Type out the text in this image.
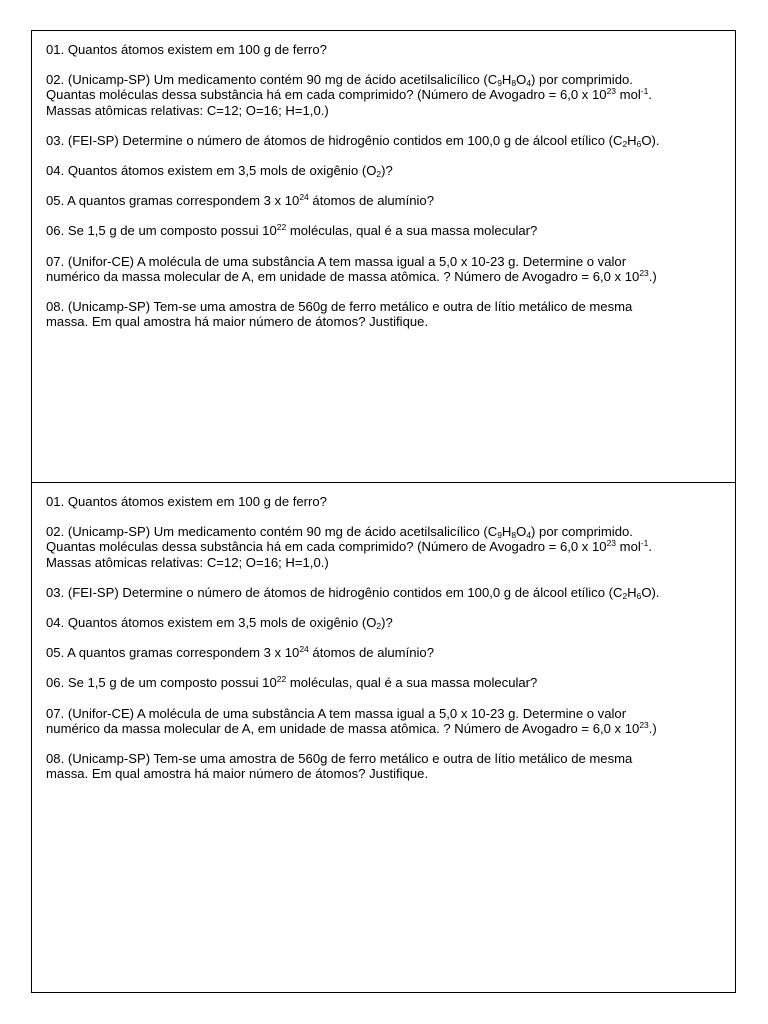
01. Quantos átomos existem em 100 g de ferro?

02. (Unicamp-SP) Um medicamento contém 90 mg de ácido acetilsalicílico $(C_9H_8O_4)$ por comprimido.
Quantas moléculas dessa substância há em cada comprimido? (Número de Avogadro = 6,0 x $10^{23}$ mol$^{-1}$.
Massas atômicas relativas: C=12; O=16; H=1,0.)

03. (FEI-SP) Determine o número de átomos de hidrogênio contidos em 100,0 g de álcool etílico $(C_2H_6O)$.

04. Quantos átomos existem em 3,5 mols de oxigênio $(O_2)$?

05. A quantos gramas correspondem 3 x $10^{24}$ átomos de alumínio?

06. Se 1,5 g de um composto possui $10^{22}$ moléculas, qual é a sua massa molecular?

07. (Unifor-CE) A molécula de uma substância A tem massa igual a 5,0 x 10-23 g. Determine o valor
numérico da massa molecular de A, em unidade de massa atômica. ? Número de Avogadro = 6,0 x $10^{23}$.)

08. (Unicamp-SP) Tem-se uma amostra de 560g de ferro metálico e outra de lítio metálico de mesma
massa. Em qual amostra há maior número de átomos? Justifique.

01. Quantos átomos existem em 100 g de ferro?

02. (Unicamp-SP) Um medicamento contém 90 mg de ácido acetilsalicílico $(C_9H_8O_4)$ por comprimido.
Quantas moléculas dessa substância há em cada comprimido? (Número de Avogadro = 6,0 x $10^{23}$ mol$^{-1}$.
Massas atômicas relativas: C=12; O=16; H=1,0.)

03. (FEI-SP) Determine o número de átomos de hidrogênio contidos em 100,0 g de álcool etílico $(C_2H_6O)$.

04. Quantos átomos existem em 3,5 mols de oxigênio $(O_2)$?

05. A quantos gramas correspondem 3 x $10^{24}$ átomos de alumínio?

06. Se 1,5 g de um composto possui $10^{22}$ moléculas, qual é a sua massa molecular?

07. (Unifor-CE) A molécula de uma substância A tem massa igual a 5,0 x 10-23 g. Determine o valor
numérico da massa molecular de A, em unidade de massa atômica. ? Número de Avogadro = 6,0 x $10^{23}$.)

08. (Unicamp-SP) Tem-se uma amostra de 560g de ferro metálico e outra de lítio metálico de mesma
massa. Em qual amostra há maior número de átomos? Justifique.
